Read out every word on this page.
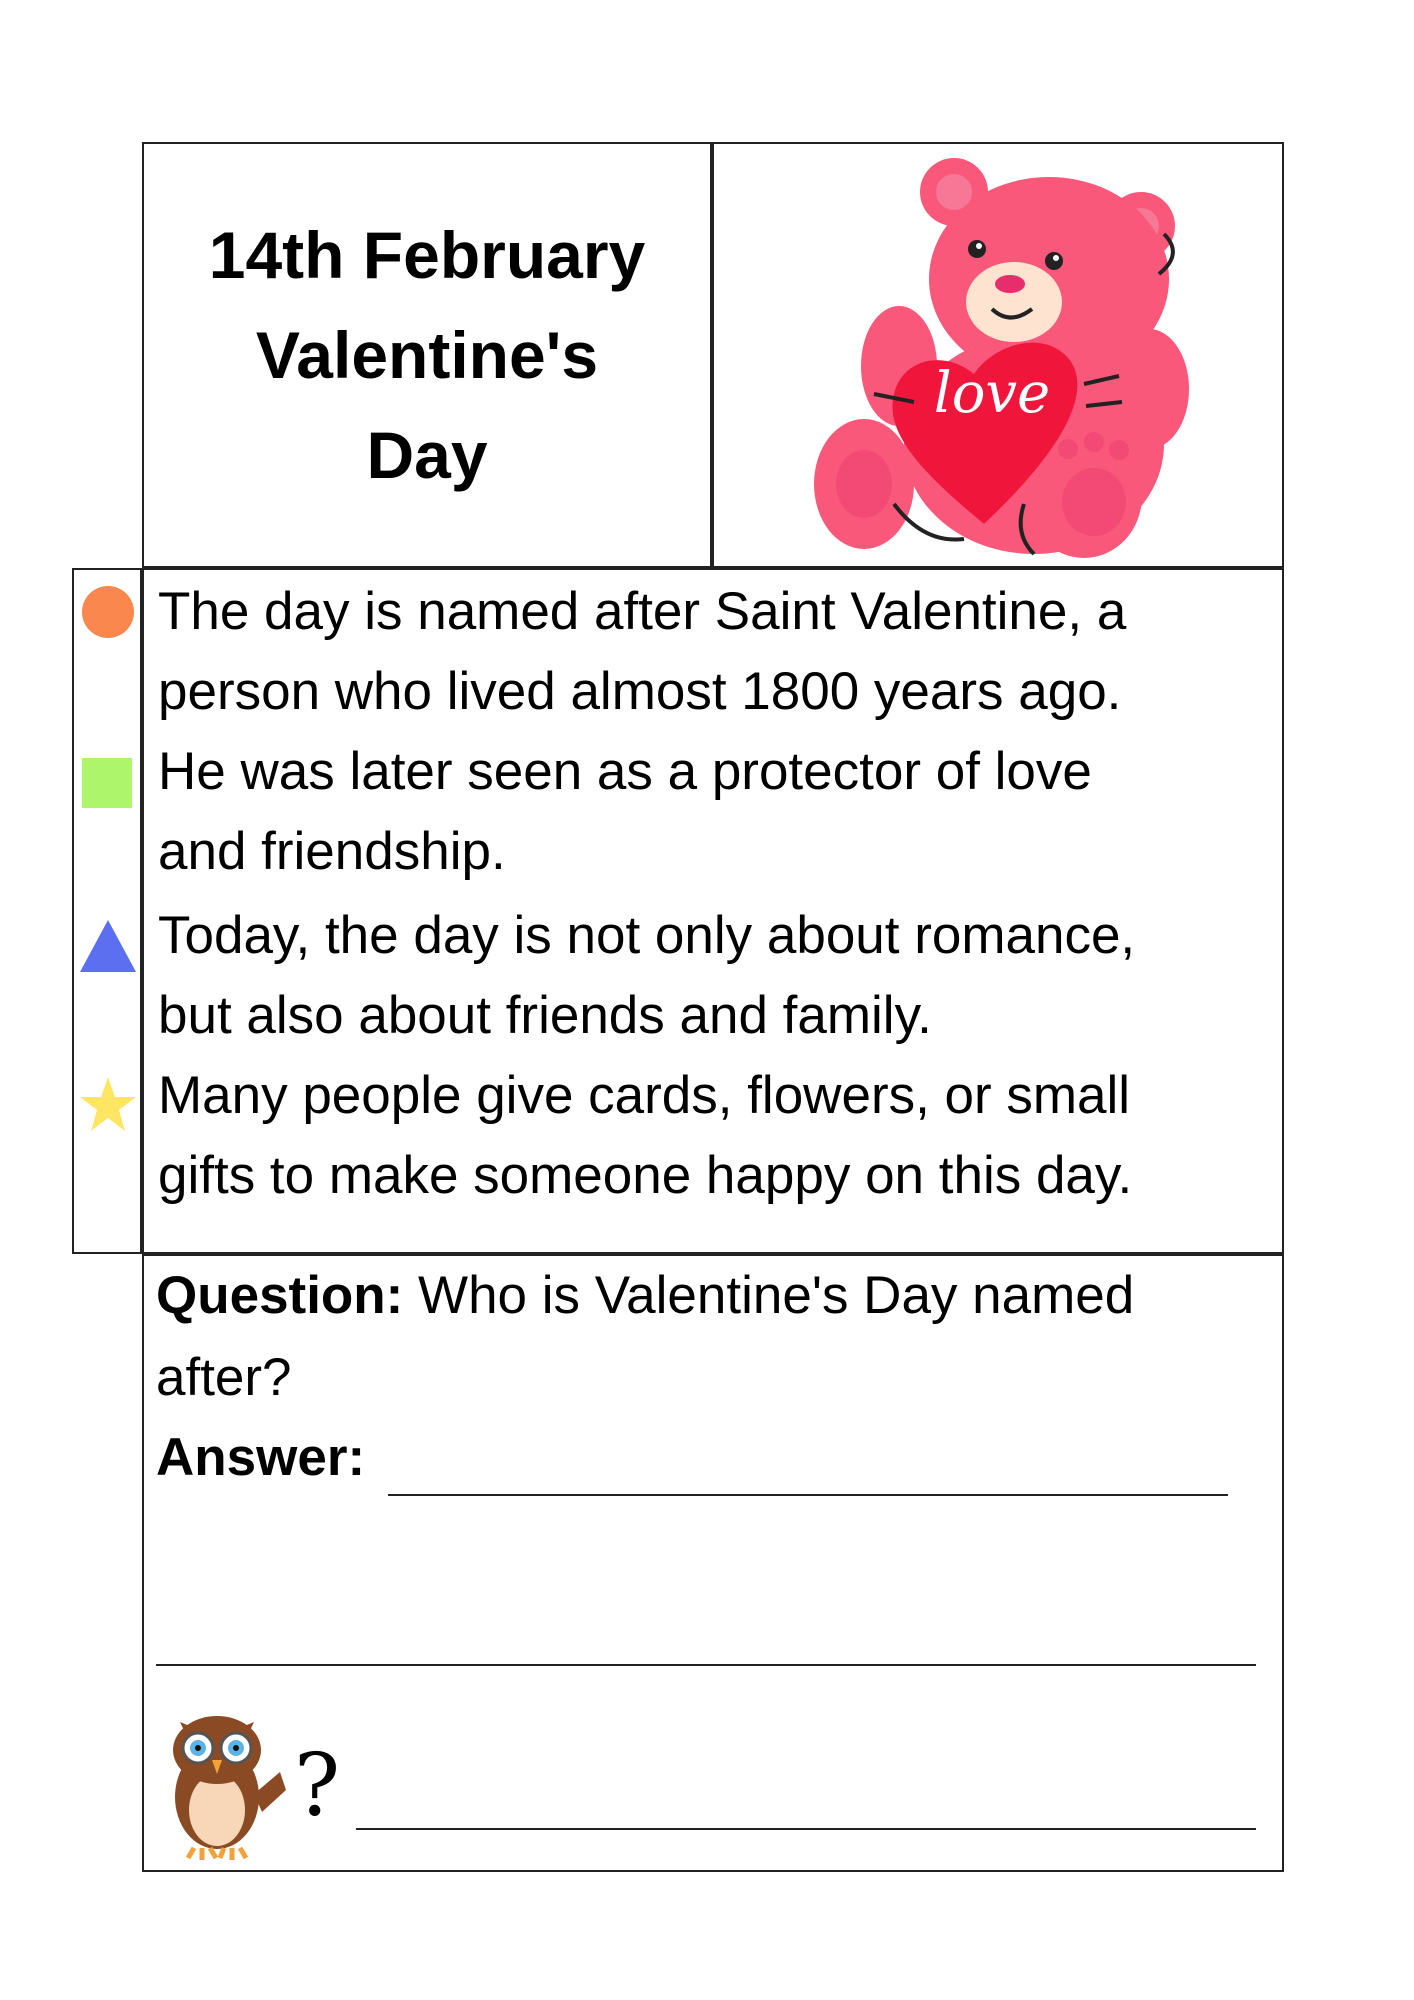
14th February
Valentine's
Day
love

The day is named after Saint Valentine, a
person who lived almost 1800 years ago.

He was later seen as a protector of love
and friendship.

Today, the day is not only about romance,
but also about friends and family.

Many people give cards, flowers, or small
gifts to make someone happy on this day.

Question: Who is Valentine's Day named
after?
Answer:
?
